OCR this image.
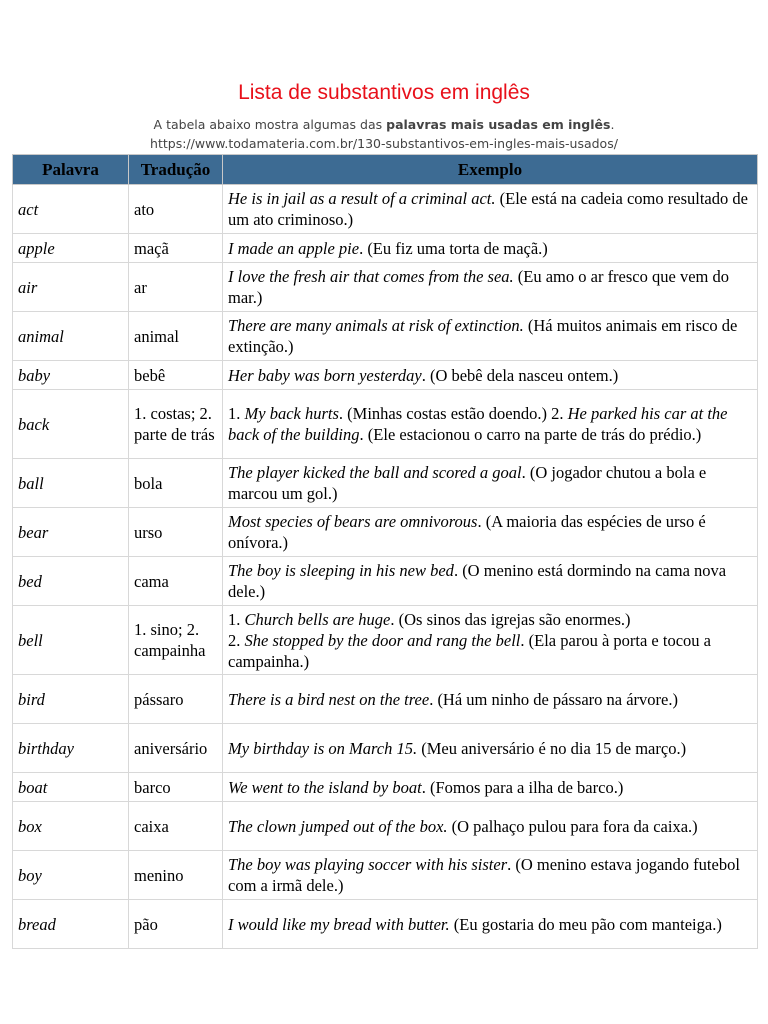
Lista de substantivos em inglês
A tabela abaixo mostra algumas das palavras mais usadas em inglês.
https://www.todamateria.com.br/130-substantivos-em-ingles-mais-usados/
Palavra	Tradução	Exemplo
act	ato	He is in jail as a result of a criminal act. (Ele está na cadeia como resultado de um ato criminoso.)
apple	maçã	I made an apple pie. (Eu fiz uma torta de maçã.)
air	ar	I love the fresh air that comes from the sea. (Eu amo o ar fresco que vem do mar.)
animal	animal	There are many animals at risk of extinction. (Há muitos animais em risco de extinção.)
baby	bebê	Her baby was born yesterday. (O bebê dela nasceu ontem.)
back	1. costas; 2. parte de trás	1. My back hurts. (Minhas costas estão doendo.) 2. He parked his car at the back of the building. (Ele estacionou o carro na parte de trás do prédio.)
ball	bola	The player kicked the ball and scored a goal. (O jogador chutou a bola e marcou um gol.)
bear	urso	Most species of bears are omnivorous. (A maioria das espécies de urso é onívora.)
bed	cama	The boy is sleeping in his new bed. (O menino está dormindo na cama nova dele.)
bell	1. sino; 2. campainha	1. Church bells are huge. (Os sinos das igrejas são enormes.)
2. She stopped by the door and rang the bell. (Ela parou à porta e tocou a campainha.)
bird	pássaro	There is a bird nest on the tree. (Há um ninho de pássaro na árvore.)
birthday	aniversário	My birthday is on March 15. (Meu aniversário é no dia 15 de março.)
boat	barco	We went to the island by boat. (Fomos para a ilha de barco.)
box	caixa	The clown jumped out of the box. (O palhaço pulou para fora da caixa.)
boy	menino	The boy was playing soccer with his sister. (O menino estava jogando futebol com a irmã dele.)
bread	pão	I would like my bread with butter. (Eu gostaria do meu pão com manteiga.)
